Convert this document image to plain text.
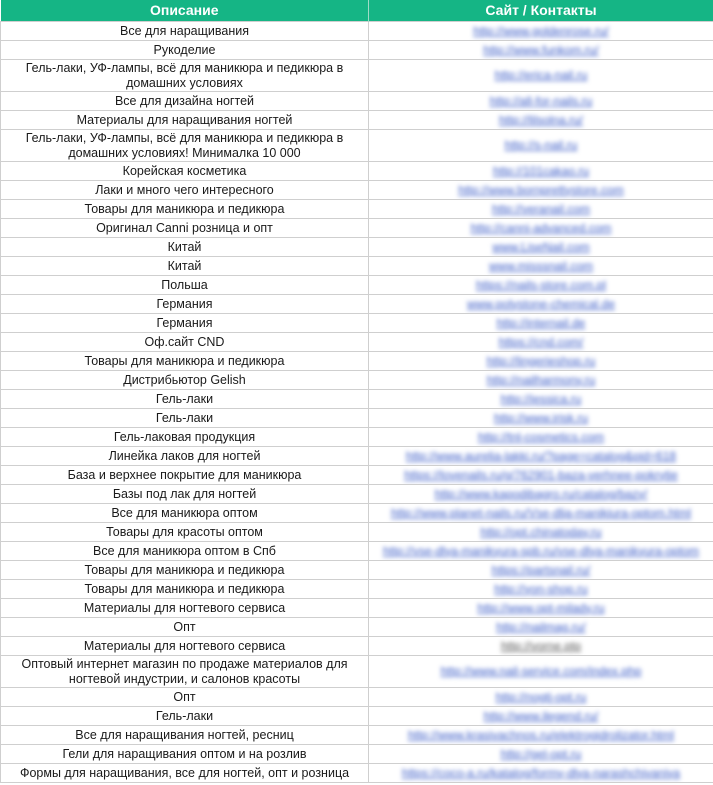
Описание	Сайт / Контакты
Все для наращивания	http://www.goldenrose.ru/
Рукоделие	http://www.funkom.ru/
Гель-лаки, УФ-лампы, всё для маникюра и педикюра в домашних условиях	http://erica-nail.ru
Все для дизайна ногтей	http://all-for-nails.ru
Материалы для наращивания ногтей	http://lilsolna.ru/
Гель-лаки, УФ-лампы, всё для маникюра и педикюра в домашних условиях! Минималка 10 000	http://s-nail.ru
Корейская косметика	http://101cakao.ru
Лаки и много чего интересного	http://www.bornprettystore.com
Товары для маникюра и педикюра	http://veranail.com
Оригинал Canni розница и опт	http://canni-advanced.com
Китай	www.LiseNail.com
Китай	www.misssnail.com
Польша	https://nails-store.com.pl
Германия	www.polystone-chemical.de
Германия	http://internail.de
Оф.сайт CND	https://cnd.com/
Товары для маникюра и педикюра	http://lingerieshop.ru
Дистрибьютор Gelish	http://nailharmony.ru
Гель-лаки	http://jessica.ru
Гель-лаки	http://www.irisk.ru
Гель-лаковая продукция	http://tnl-cosmetics.com
Линейка лаков для ногтей	http://www.aurelia-lakki.ru/?page=catalog&pid=618
База и верхнее покрытие для маникюра	https://lovenails.ru/g/762901-baza-verhnee-pokrytie
Базы под лак для ногтей	http://www.kapodibagro.ru/catalog/bazy/
Все для маникюра оптом	http://www.planet-nails.ru/Vse-dlja-manikjura-optom.html
Товары для красоты оптом	http://opt.chinatoday.ru
Все для маникюра оптом в Спб	http://vse-dlya-manikyura-spb.ru/vse-dlya-manikyura-optom
Товары для маникюра и педикюра	https://partsnail.ru/
Товары для маникюра и педикюра	http://yon-shop.ru
Материалы для ногтевого сервиса	http://www.opt-milady.ru
Опт	http://nailmag.ru/
Материалы для ногтевого сервиса	http://vorne.ptp
Оптовый интернет магазин по продаже материалов для ногтевой индустрии, и салонов красоты	http://www.nail-service.com/index.php
Опт	http://nogti-opt.ru
Гель-лаки	http://www.ilegend.ru/
Все для наращивания ногтей, ресниц	http://www.krasivachnos.ru/elektrogidrolizator.html
Гели для наращивания оптом и на розлив	http://gel-opt.ru
Формы для наращивания, все для ногтей, опт и розница	https://coco-a.ru/katalog/formy-dlya-narashchivaniya
